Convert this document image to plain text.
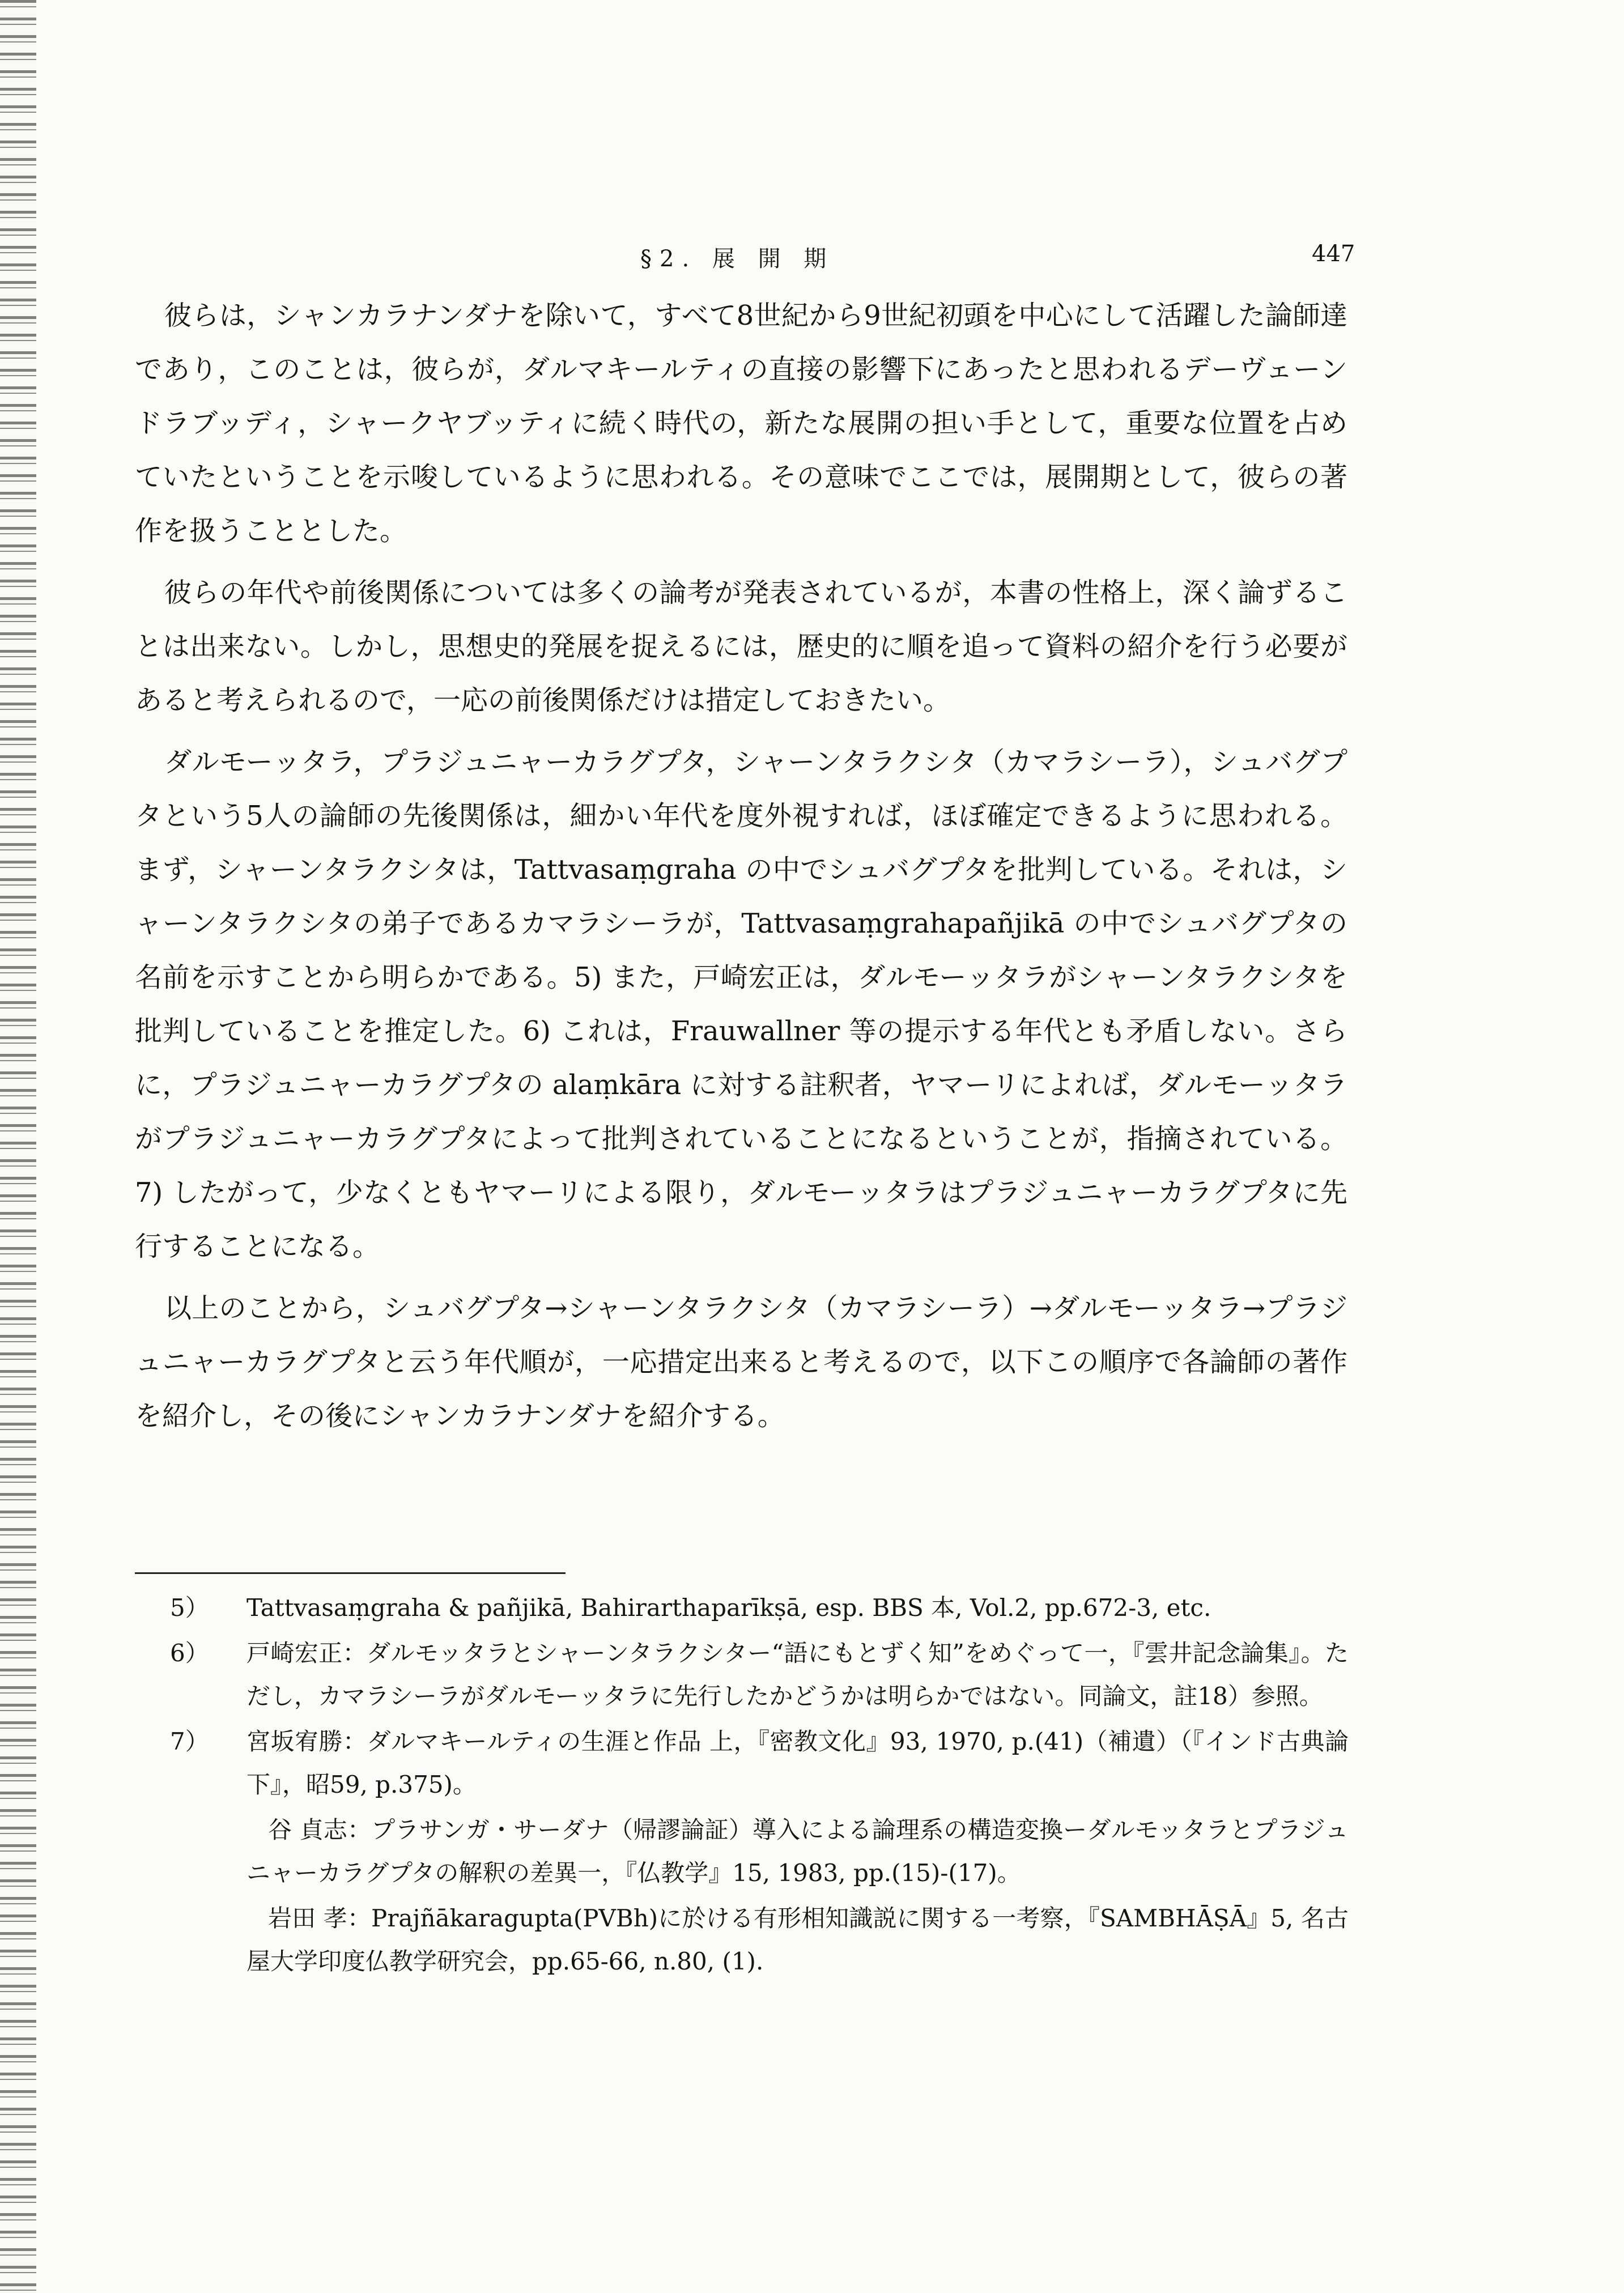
§2. 展 開 期	447

彼らは，シャンカラナンダナを除いて，すべて8世紀から9世紀初頭を中心にして活躍した論師達であり，このことは，彼らが，ダルマキールティの直接の影響下にあったと思われるデーヴェーンドラブッディ，シャークヤブッティに続く時代の，新たな展開の担い手として，重要な位置を占めていたということを示唆しているように思われる。その意味でここでは，展開期として，彼らの著作を扱うこととした。

彼らの年代や前後関係については多くの論考が発表されているが，本書の性格上，深く論ずることは出来ない。しかし，思想史的発展を捉えるには，歴史的に順を追って資料の紹介を行う必要があると考えられるので，一応の前後関係だけは措定しておきたい。

ダルモーッタラ，プラジュニャーカラグプタ，シャーンタラクシタ（カマラシーラ），シュバグプタという5人の論師の先後関係は，細かい年代を度外視すれば，ほぼ確定できるように思われる。まず，シャーンタラクシタは，Tattvasaṃgraha の中でシュバグプタを批判している。それは，シャーンタラクシタの弟子であるカマラシーラが，Tattvasaṃgrahapañjikā の中でシュバグプタの名前を示すことから明らかである。5) また，戸崎宏正は，ダルモーッタラがシャーンタラクシタを批判していることを推定した。6) これは，Frauwallner 等の提示する年代とも矛盾しない。さらに，プラジュニャーカラグプタの alaṃkāra に対する註釈者，ヤマーリによれば，ダルモーッタラがプラジュニャーカラグプタによって批判されていることになるということが，指摘されている。7) したがって，少なくともヤマーリによる限り，ダルモーッタラはプラジュニャーカラグプタに先行することになる。

以上のことから，シュバグプタ→シャーンタラクシタ（カマラシーラ）→ダルモーッタラ→プラジュニャーカラグプタと云う年代順が，一応措定出来ると考えるので，以下この順序で各論師の著作を紹介し，その後にシャンカラナンダナを紹介する。

5）	Tattvasaṃgraha & pañjikā, Bahirarthaparīkṣā, esp. BBS 本, Vol.2, pp.672-3, etc.
6）	戸崎宏正：ダルモッタラとシャーンタラクシター“語にもとずく知”をめぐって一，『雲井記念論集』。ただし，カマラシーラがダルモーッタラに先行したかどうかは明らかではない。同論文，註18）参照。
7）	宮坂宥勝：ダルマキールティの生涯と作品 上，『密教文化』93, 1970, p.(41)（補遺）（『インド古典論 下』，昭59, p.375)。

谷 貞志：プラサンガ・サーダナ（帰謬論証）導入による論理系の構造変換ーダルモッタラとプラジュニャーカラグプタの解釈の差異一，『仏教学』15, 1983, pp.(15)-(17)。

岩田 孝：Prajñākaragupta(PVBh)に於ける有形相知識説に関する一考察，『SAMBHĀṢĀ』5, 名古屋大学印度仏教学研究会，pp.65-66, n.80, (1).
